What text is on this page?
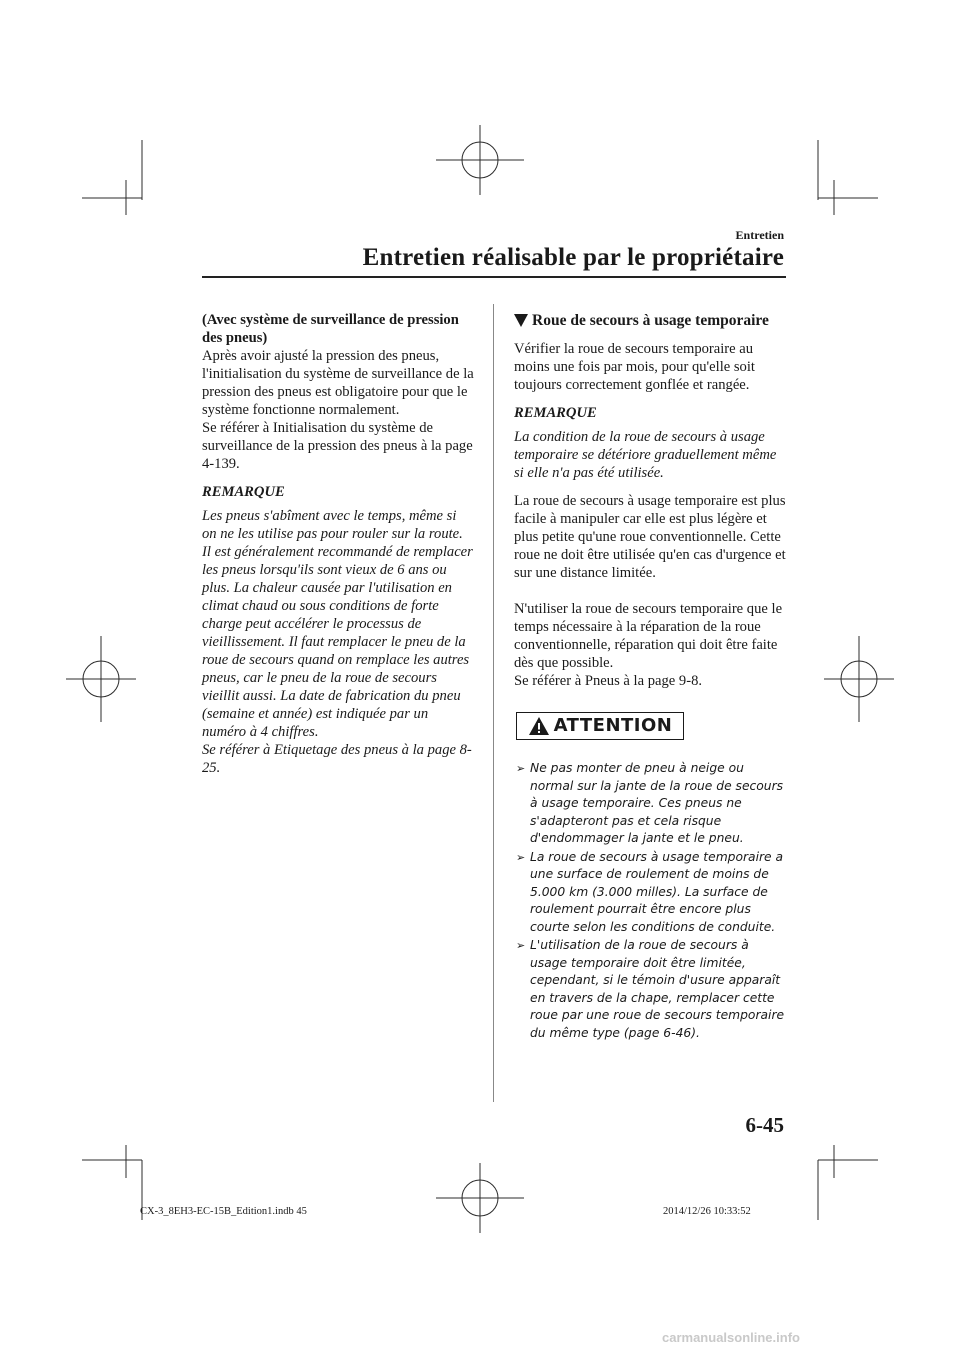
Entretien
Entretien réalisable par le propriétaire

(Avec système de surveillance de pression des pneus)

Après avoir ajusté la pression des pneus, l'initialisation du système de surveillance de la pression des pneus est obligatoire pour que le système fonctionne normalement.

Se référer à Initialisation du système de surveillance de la pression des pneus à la page 4-139.

REMARQUE

Les pneus s'abîment avec le temps, même si on ne les utilise pas pour rouler sur la route. Il est généralement recommandé de remplacer les pneus lorsqu'ils sont vieux de 6 ans ou plus. La chaleur causée par l'utilisation en climat chaud ou sous conditions de forte charge peut accélérer le processus de vieillissement. Il faut remplacer le pneu de la roue de secours quand on remplace les autres pneus, car le pneu de la roue de secours vieillit aussi. La date de fabrication du pneu (semaine et année) est indiquée par un numéro à 4 chiffres.

Se référer à Etiquetage des pneus à la page 8-25.

Roue de secours à usage temporaire

Vérifier la roue de secours temporaire au moins une fois par mois, pour qu'elle soit toujours correctement gonflée et rangée.

REMARQUE

La condition de la roue de secours à usage temporaire se détériore graduellement même si elle n'a pas été utilisée.

La roue de secours à usage temporaire est plus facile à manipuler car elle est plus légère et plus petite qu'une roue conventionnelle. Cette roue ne doit être utilisée qu'en cas d'urgence et sur une distance limitée.

N'utiliser la roue de secours temporaire que le temps nécessaire à la réparation de la roue conventionnelle, réparation qui doit être faite dès que possible.

Se référer à Pneus à la page 9-8.

ATTENTION
➢ Ne pas monter de pneu à neige ou normal sur la jante de la roue de secours à usage temporaire. Ces pneus ne s'adapteront pas et cela risque d'endommager la jante et le pneu.
➢ La roue de secours à usage temporaire a une surface de roulement de moins de 5.000 km (3.000 milles). La surface de roulement pourrait être encore plus courte selon les conditions de conduite.
➢ L'utilisation de la roue de secours à usage temporaire doit être limitée, cependant, si le témoin d'usure apparaît en travers de la chape, remplacer cette roue par une roue de secours temporaire du même type (page 6-46).
6-45
CX-3_8EH3-EC-15B_Edition1.indb 45	2014/12/26 10:33:52
carmanualsonline.info
